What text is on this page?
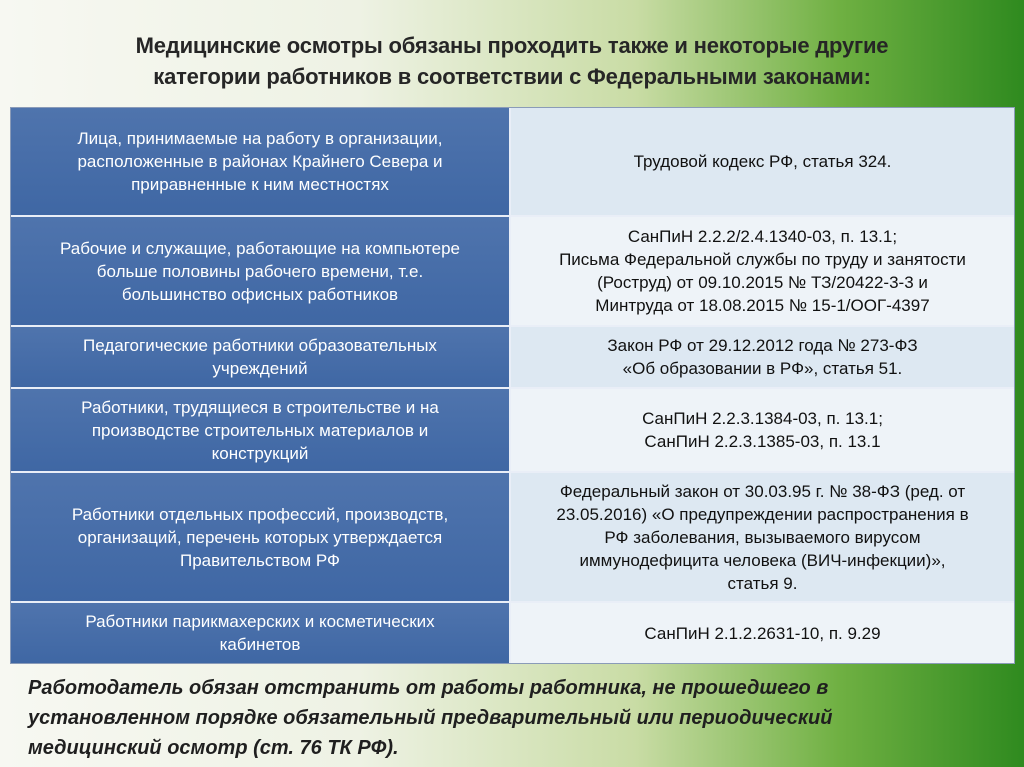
Медицинские осмотры обязаны проходить также и некоторые другие
категории работников в соответствии с Федеральными законами:
Лица, принимаемые на работу в организации,
расположенные в районах Крайнего Севера и
приравненные к ним местностях
Трудовой кодекс РФ, статья 324.
Рабочие и служащие, работающие на компьютере
больше половины рабочего времени, т.е.
большинство офисных работников
СанПиН 2.2.2/2.4.1340-03, п. 13.1;
Письма Федеральной службы по труду и занятости
(Роструд) от 09.10.2015 № ТЗ/20422-3-3 и
Минтруда от 18.08.2015 № 15-1/ООГ-4397
Педагогические работники образовательных
учреждений
Закон РФ от 29.12.2012 года № 273-ФЗ
«Об образовании в РФ», статья 51.
Работники, трудящиеся в строительстве и на
производстве строительных материалов и
конструкций
СанПиН 2.2.3.1384-03, п. 13.1;
СанПиН 2.2.3.1385-03, п. 13.1
Работники отдельных профессий, производств,
организаций, перечень которых утверждается
Правительством РФ
Федеральный закон от 30.03.95 г. № 38-ФЗ (ред. от
23.05.2016) «О предупреждении распространения в
РФ заболевания, вызываемого вирусом
иммунодефицита человека (ВИЧ-инфекции)»,
статья 9.
Работники парикмахерских и косметических
кабинетов
СанПиН 2.1.2.2631-10, п. 9.29
Работодатель обязан отстранить от работы работника, не прошедшего в
установленном порядке обязательный предварительный или периодический
медицинский осмотр (ст. 76 ТК РФ).
